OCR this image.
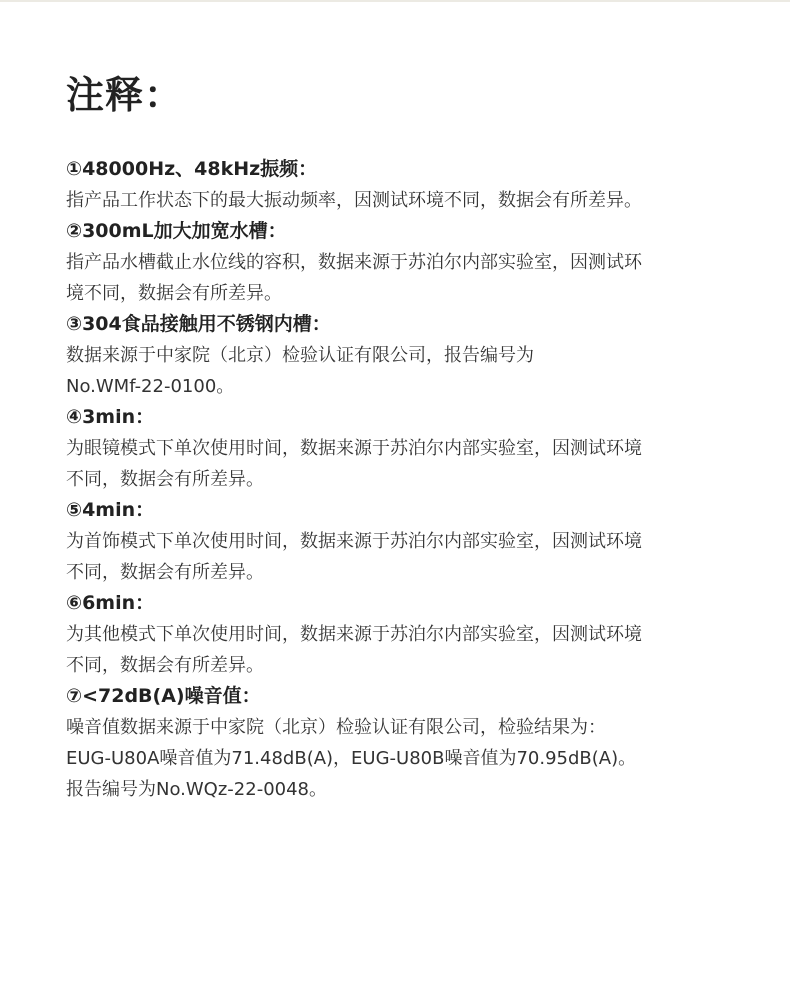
注释：
①48000Hz、48kHz振频：
指产品工作状态下的最大振动频率，因测试环境不同，数据会有所差异。
②300mL加大加宽水槽：
指产品水槽截止水位线的容积，数据来源于苏泊尔内部实验室，因测试环
境不同，数据会有所差异。
③304食品接触用不锈钢内槽：
数据来源于中家院（北京）检验认证有限公司，报告编号为
No.WMf-22-0100。
④3min：
为眼镜模式下单次使用时间，数据来源于苏泊尔内部实验室，因测试环境
不同，数据会有所差异。
⑤4min：
为首饰模式下单次使用时间，数据来源于苏泊尔内部实验室，因测试环境
不同，数据会有所差异。
⑥6min：
为其他模式下单次使用时间，数据来源于苏泊尔内部实验室，因测试环境
不同，数据会有所差异。
⑦<72dB(A)噪音值：
噪音值数据来源于中家院（北京）检验认证有限公司，检验结果为：
EUG-U80A噪音值为71.48dB(A)，EUG-U80B噪音值为70.95dB(A)。
报告编号为No.WQz-22-0048。
